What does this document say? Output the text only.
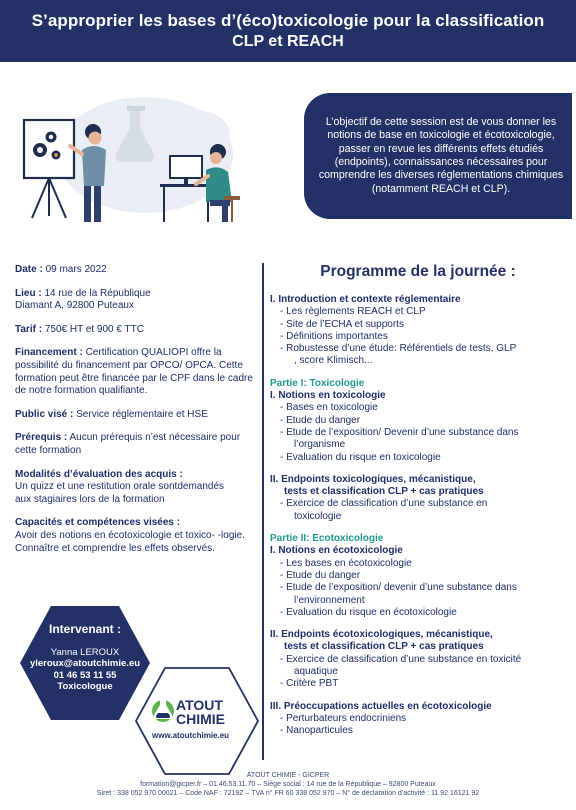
S’approprier les bases d’(éco)toxicologie pour la classification
CLP et REACH
L’objectif de cette session est de vous donner les notions de base en toxicologie et écotoxicologie, passer en revue les différents effets étudiés (endpoints), connaissances nécessaires pour comprendre les diverses réglementations chimiques (notamment REACH et CLP).
Date : 09 mars 2022
Lieu : 14 rue de la République
Diamant A, 92800 Puteaux
Tarif : 750€ HT et 900 € TTC
Financement : Certification QUALIOPI offre la possibilité du financement par OPCO/ OPCA. Cette formation peut être financée par le CPF dans le cadre de notre formation qualifiante.
Public visé : Service réglementaire et HSE
Prérequis : Aucun prérequis n’est nécessaire pour cette formation
Modalités d’évaluation des acquis :
Un quizz et une restitution orale sontdemandés
aux stagiaires lors de la formation
Capacités et compétences visées :
Avoir des notions en écotoxicologie et toxico- -logie. Connaître et comprendre les effets observés.
Intervenant :
Yanna LEROUX
yleroux@atoutchimie.eu
01 46 53 11 55
Toxicologue
ATOUT
CHIMIE
www.atoutchimie.eu
Programme de la journée :
I. Introduction et contexte réglementaire
- Les règlements REACH et CLP
- Site de l’ECHA et supports
- Définitions importantes
- Robustesse d’une étude: Référentiels de tests, GLP
, score Klimisch...
Partie I: Toxicologie
I. Notions en toxicologie
- Bases en toxicologie
- Etude du danger
- Etude de l’exposition/ Devenir d’une substance dans
l’organisme
- Evaluation du risque en toxicologie
II. Endpoints toxicologiques, mécanistique,
tests et classification CLP + cas pratiques
- Exercice de classification d’une substance en
toxicologie
Partie II: Ecotoxicologie
I. Notions en écotoxicologie
- Les bases en écotoxicologie
- Etude du danger
- Etude de l’exposition/ devenir d’une substance dans
l’environnement
- Evaluation du risque en écotoxicologie
II. Endpoints écotoxicologiques, mécanistique,
tests et classification CLP + cas pratiques
- Exercice de classification d’une substance en toxicité
aquatique
- Critère PBT
III. Préoccupations actuelles en écotoxicologie
- Perturbateurs endocriniens
- Nanoparticules
ATOUT CHIMIE - GICPER
formation@gicper.fr – 01.46.53.11.70 – Siège social : 14 rue de la République – 92800 Puteaux
Siret : 338 052 970 00021 – Code NAF : 7219Z – TVA n° FR 60 338 052 970 – N° de déclaration d’activité : 11 92 16121 92
